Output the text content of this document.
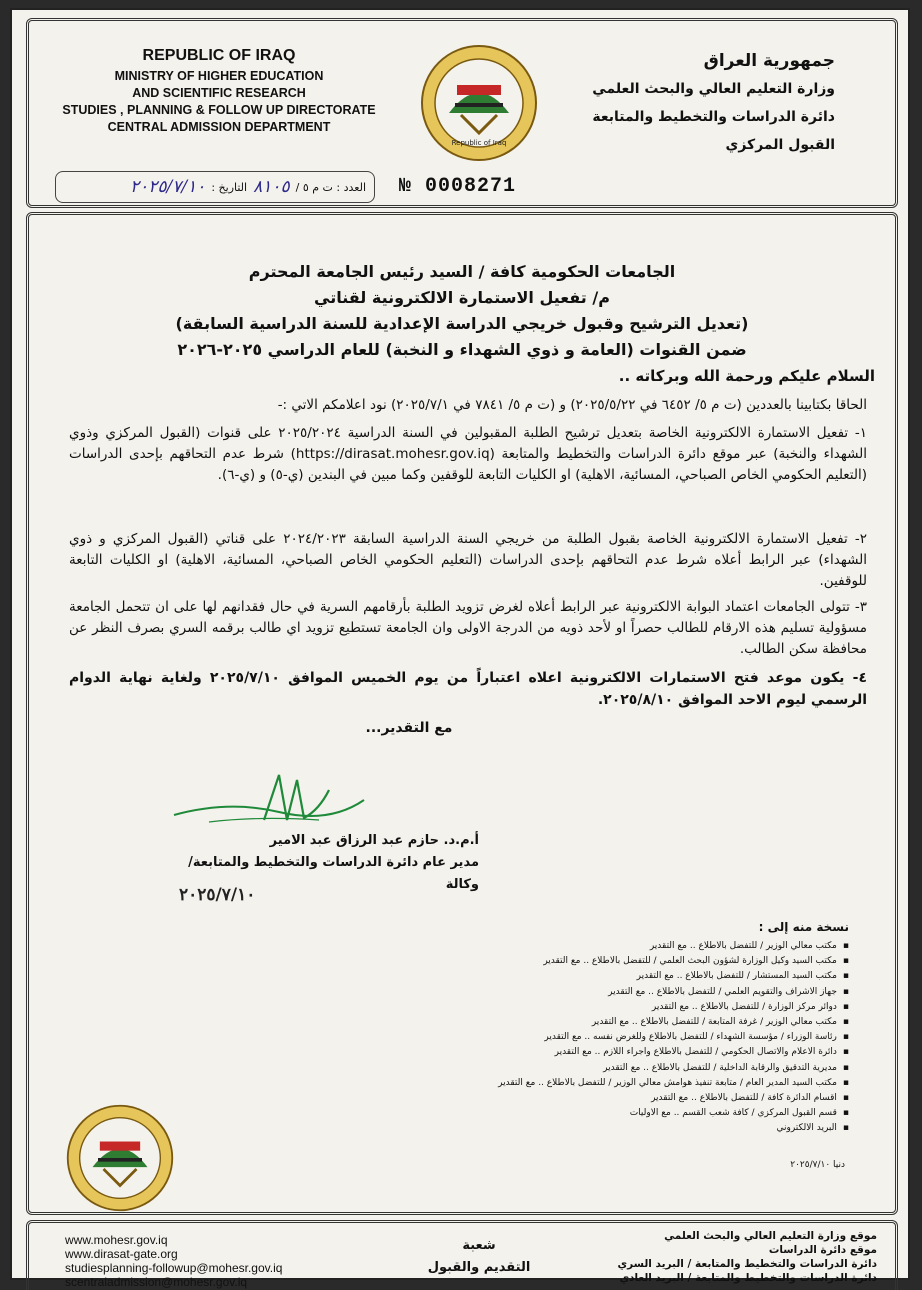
REPUBLIC OF IRAQ
MINISTRY OF HIGHER EDUCATION
AND SCIENTIFIC RESEARCH
STUDIES , PLANNING & FOLLOW UP DIRECTORATE
CENTRAL ADMISSION DEPARTMENT
Republic of Iraq
جمهورية العراق
وزارة التعليم العالي والبحث العلمي
دائرة الدراسات والتخطيط والمتابعة
القبول المركزي
العدد : ت م ٥ /
٨١٠٥
التاريخ :
٢٠٢٥/٧/١٠	№ 0008271
الجامعات الحكومية كافة / السيد رئيس الجامعة المحترم
م/ تفعيل الاستمارة الالكترونية لقناتي
(تعديل الترشيح وقبول خريجي الدراسة الإعدادية للسنة الدراسية السابقة)
ضمن القنوات (العامة و ذوي الشهداء و النخبة) للعام الدراسي ٢٠٢٥-٢٠٢٦
السلام عليكم ورحمة الله وبركاته ..
الحاقا بكتابينا بالعددين (ت م ٥/ ٦٤٥٢ في ٢٠٢٥/٥/٢٢) و (ت م ٥/ ٧٨٤١ في ٢٠٢٥/٧/١) نود اعلامكم الاتي :-
١- تفعيل الاستمارة الالكترونية الخاصة بتعديل ترشيح الطلبة المقبولين في السنة الدراسية ٢٠٢٥/٢٠٢٤ على قنوات (القبول المركزي وذوي الشهداء والنخبة) عبر موقع دائرة الدراسات والتخطيط والمتابعة (https://dirasat.mohesr.gov.iq) شرط عدم التحاقهم بإحدى الدراسات (التعليم الحكومي الخاص الصباحي، المسائية، الاهلية) او الكليات التابعة للوقفين وكما مبين في البندين (ي-٥) و (ي-٦).
٢- تفعيل الاستمارة الالكترونية الخاصة بقبول الطلبة من خريجي السنة الدراسية السابقة ٢٠٢٤/٢٠٢٣ على قناتي (القبول المركزي و ذوي الشهداء) عبر الرابط أعلاه شرط عدم التحاقهم بإحدى الدراسات (التعليم الحكومي الخاص الصباحي، المسائية، الاهلية) او الكليات التابعة للوقفين.
٣- تتولى الجامعات اعتماد البوابة الالكترونية عبر الرابط أعلاه لغرض تزويد الطلبة بأرقامهم السرية في حال فقدانهم لها على ان تتحمل الجامعة مسؤولية تسليم هذه الارقام للطالب حصراً او لأحد ذويه من الدرجة الاولى وان الجامعة تستطيع تزويد اي طالب برقمه السري بصرف النظر عن محافظة سكن الطالب.
٤- يكون موعد فتح الاستمارات الالكترونية اعلاه اعتباراً من يوم الخميس الموافق ٢٠٢٥/٧/١٠ ولغاية نهاية الدوام الرسمي ليوم الاحد الموافق ٢٠٢٥/٨/١٠.
مع التقدير...
أ.م.د. حازم عبد الرزاق عبد الامير
مدير عام دائرة الدراسات والتخطيط والمتابعة/وكالة
٢٠٢٥/٧/١٠
نسخة منه إلى :
▪ مكتب معالي الوزير / للتفضل بالاطلاع .. مع التقدير
▪ مكتب السيد وكيل الوزارة لشؤون البحث العلمي / للتفضل بالاطلاع .. مع التقدير
▪ مكتب السيد المستشار / للتفضل بالاطلاع .. مع التقدير
▪ جهاز الاشراف والتقويم العلمي / للتفضل بالاطلاع .. مع التقدير
▪ دوائر مركز الوزارة / للتفضل بالاطلاع .. مع التقدير
▪ مكتب معالي الوزير / غرفة المتابعة / للتفضل بالاطلاع .. مع التقدير
▪ رئاسة الوزراء / مؤسسة الشهداء / للتفضل بالاطلاع وللغرض نفسه .. مع التقدير
▪ دائرة الاعلام والاتصال الحكومي / للتفضل بالاطلاع واجراء اللازم .. مع التقدير
▪ مديرية التدقيق والرقابة الداخلية / للتفضل بالاطلاع .. مع التقدير
▪ مكتب السيد المدير العام / متابعة تنفيذ هوامش معالي الوزير / للتفضل بالاطلاع .. مع التقدير
▪ اقسام الدائرة كافة / للتفضل بالاطلاع .. مع التقدير
▪ قسم القبول المركزي / كافة شعب القسم .. مع الاوليات
▪ البريد الالكتروني
دنيا ٢٠٢٥/٧/١٠
www.mohesr.gov.iq
www.dirasat-gate.org
studiesplanning-followup@mohesr.gov.iq
scentraladmission@mohesr.gov.iq
شعبة
التقديم والقبول
موقع وزارة التعليم العالي والبحث العلمي
موقع دائرة الدراسات
دائرة الدراسات والتخطيط والمتابعة / البريد السري
دائرة الدراسات والتخطيط والمتابعة / البريد العادي
